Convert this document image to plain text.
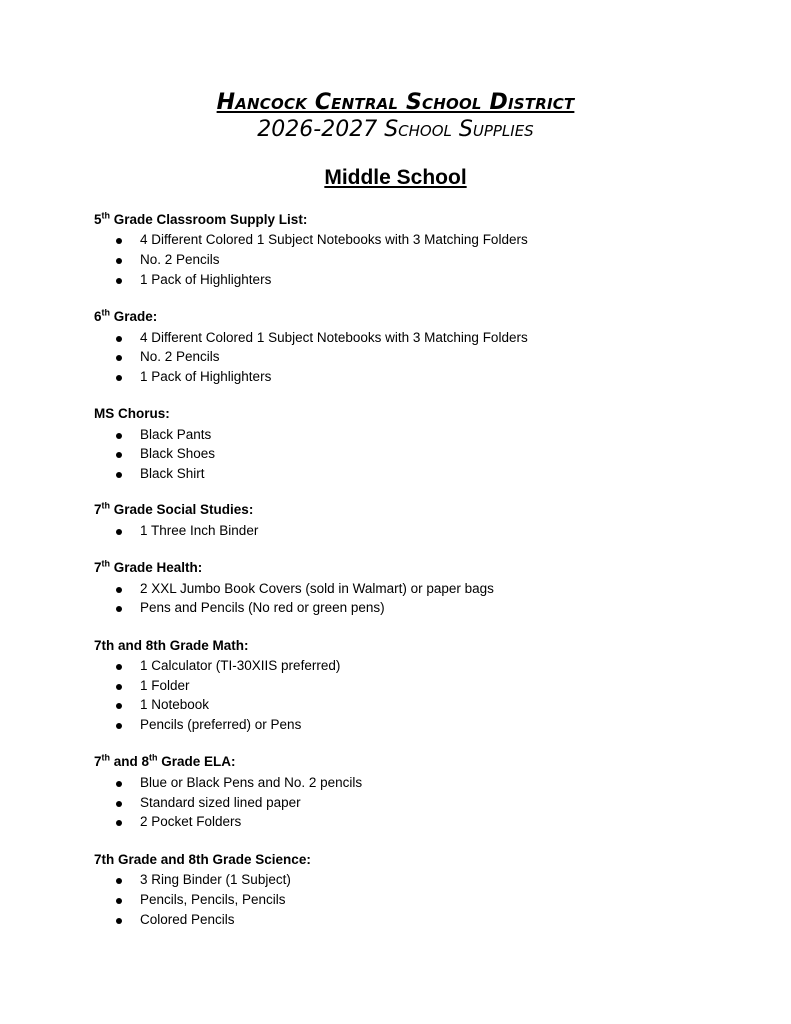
Hancock Central School District
2026-2027 School Supplies
Middle School
5th Grade Classroom Supply List:
4 Different Colored 1 Subject Notebooks with 3 Matching Folders
No. 2 Pencils
1 Pack of Highlighters
6th Grade:
4 Different Colored 1 Subject Notebooks with 3 Matching Folders
No. 2 Pencils
1 Pack of Highlighters
MS Chorus:
Black Pants
Black Shoes
Black Shirt
7th Grade Social Studies:
1 Three Inch Binder
7th Grade Health:
2 XXL Jumbo Book Covers (sold in Walmart) or paper bags
Pens and Pencils (No red or green pens)
7th and 8th Grade Math:
1 Calculator (TI-30XIIS preferred)
1 Folder
1 Notebook
Pencils (preferred) or Pens
7th and 8th Grade ELA:
Blue or Black Pens and No. 2 pencils
Standard sized lined paper
2 Pocket Folders
7th Grade and 8th Grade Science:
3 Ring Binder (1 Subject)
Pencils, Pencils, Pencils
Colored Pencils
